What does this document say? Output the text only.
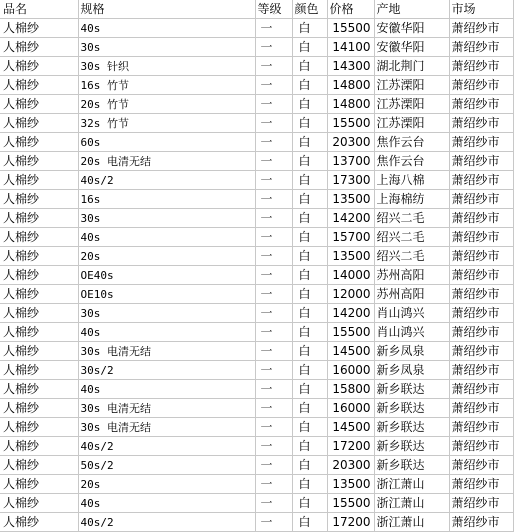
品名	规格	等级	颜色	价格	产地	市场
人棉纱	40s	一	白	15500	安徽华阳	萧绍纱市
人棉纱	30s	一	白	14100	安徽华阳	萧绍纱市
人棉纱	30s 针织	一	白	14300	湖北荆门	萧绍纱市
人棉纱	16s 竹节	一	白	14800	江苏溧阳	萧绍纱市
人棉纱	20s 竹节	一	白	14800	江苏溧阳	萧绍纱市
人棉纱	32s 竹节	一	白	15500	江苏溧阳	萧绍纱市
人棉纱	60s	一	白	20300	焦作云台	萧绍纱市
人棉纱	20s 电清无结	一	白	13700	焦作云台	萧绍纱市
人棉纱	40s/2	一	白	17300	上海八棉	萧绍纱市
人棉纱	16s	一	白	13500	上海棉纺	萧绍纱市
人棉纱	30s	一	白	14200	绍兴二毛	萧绍纱市
人棉纱	40s	一	白	15700	绍兴二毛	萧绍纱市
人棉纱	20s	一	白	13500	绍兴二毛	萧绍纱市
人棉纱	OE40s	一	白	14000	苏州高阳	萧绍纱市
人棉纱	OE10s	一	白	12000	苏州高阳	萧绍纱市
人棉纱	30s	一	白	14200	肖山鸿兴	萧绍纱市
人棉纱	40s	一	白	15500	肖山鸿兴	萧绍纱市
人棉纱	30s 电清无结	一	白	14500	新乡凤泉	萧绍纱市
人棉纱	30s/2	一	白	16000	新乡凤泉	萧绍纱市
人棉纱	40s	一	白	15800	新乡联达	萧绍纱市
人棉纱	30s 电清无结	一	白	16000	新乡联达	萧绍纱市
人棉纱	30s 电清无结	一	白	14500	新乡联达	萧绍纱市
人棉纱	40s/2	一	白	17200	新乡联达	萧绍纱市
人棉纱	50s/2	一	白	20300	新乡联达	萧绍纱市
人棉纱	20s	一	白	13500	浙江萧山	萧绍纱市
人棉纱	40s	一	白	15500	浙江萧山	萧绍纱市
人棉纱	40s/2	一	白	17200	浙江萧山	萧绍纱市
